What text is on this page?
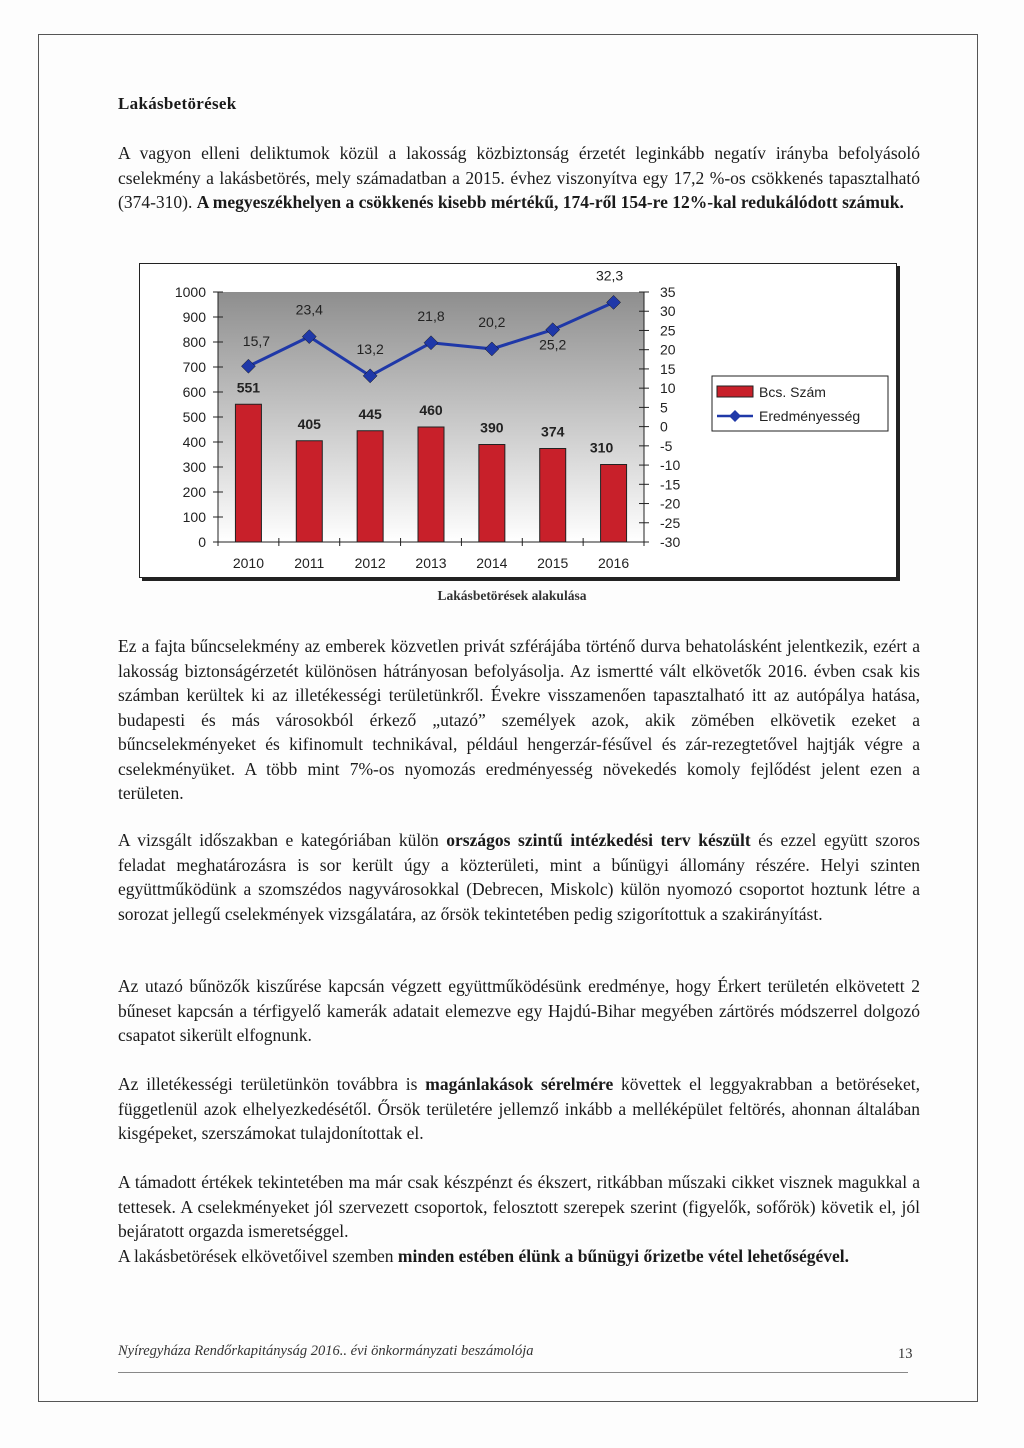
Lakásbetörések

A vagyon elleni deliktumok közül a lakosság közbiztonság érzetét leginkább negatív irányba befolyásoló cselekmény a lakásbetörés, mely számadatban a 2015. évhez viszonyítva egy 17,2 %-os csökkenés tapasztalható (374-310). A megyeszékhelyen a csökkenés kisebb mértékű, 174-ről 154-re 12%-kal redukálódott számuk.

1000
900
800
700
600
500
400
300
200
100
0
35
30
25
20
15
10
5
0
-5
-10
-15
-20
-25
-30
2010 2011 2012 2013 2014 2015 2016
551
405
445	460
390	374
310
15,7
23,4
13,2
21,8 20,2
25,2
32,3
Bcs. Szám
Eredményesség
Lakásbetörések alakulása

Ez a fajta bűncselekmény az emberek közvetlen privát szférájába történő durva behatolásként jelentkezik, ezért a lakosság biztonságérzetét különösen hátrányosan befolyásolja. Az ismertté vált elkövetők 2016. évben csak kis számban kerültek ki az illetékességi területünkről. Évekre visszamenően tapasztalható itt az autópálya hatása, budapesti és más városokból érkező „utazó” személyek azok, akik zömében elkövetik ezeket a bűncselekményeket és kifinomult technikával, például hengerzár-fésűvel és zár-rezegtetővel hajtják végre a cselekményüket. A több mint 7%-os nyomozás eredményesség növekedés komoly fejlődést jelent ezen a területen.

A vizsgált időszakban e kategóriában külön országos szintű intézkedési terv készült és ezzel együtt szoros feladat meghatározásra is sor került úgy a közterületi, mint a bűnügyi állomány részére. Helyi szinten együttműködünk a szomszédos nagyvárosokkal (Debrecen, Miskolc) külön nyomozó csoportot hoztunk létre a sorozat jellegű cselekmények vizsgálatára, az őrsök tekintetében pedig szigorítottuk a szakirányítást.

Az utazó bűnözők kiszűrése kapcsán végzett együttműködésünk eredménye, hogy Érkert területén elkövetett 2 bűneset kapcsán a térfigyelő kamerák adatait elemezve egy Hajdú-Bihar megyében zártörés módszerrel dolgozó csapatot sikerült elfognunk.

Az illetékességi területünkön továbbra is magánlakások sérelmére követtek el leggyakrabban a betöréseket, függetlenül azok elhelyezkedésétől. Őrsök területére jellemző inkább a melléképület feltörés, ahonnan általában kisgépeket, szerszámokat tulajdonítottak el.

A támadott értékek tekintetében ma már csak készpénzt és ékszert, ritkábban műszaki cikket visznek magukkal a tettesek. A cselekményeket jól szervezett csoportok, felosztott szerepek szerint (figyelők, sofőrök) követik el, jól bejáratott orgazda ismeretséggel.
A lakásbetörések elkövetőivel szemben minden estében élünk a bűnügyi őrizetbe vétel lehetőségével.

Nyíregyháza Rendőrkapitányság 2016.. évi önkormányzati beszámolója	13
